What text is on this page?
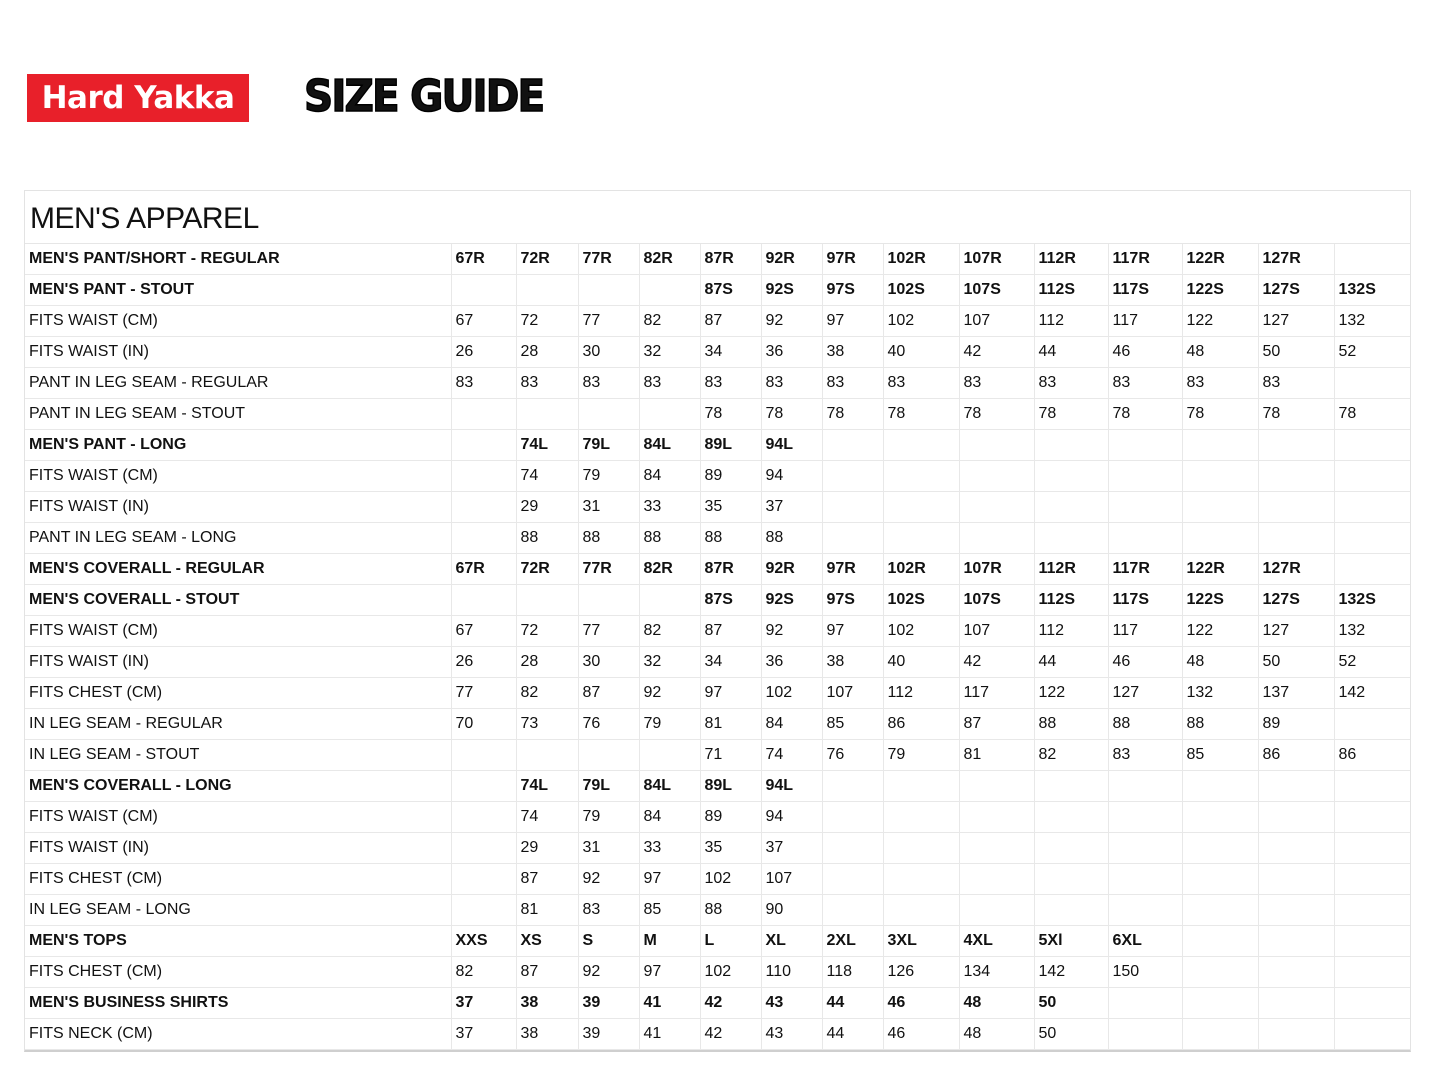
Hard Yakka	SIZE GUIDE
MEN'S APPAREL
MEN'S PANT/SHORT - REGULAR	67R	72R	77R	82R	87R	92R	97R	102R	107R	112R	117R	122R	127R	
MEN'S PANT - STOUT					87S	92S	97S	102S	107S	112S	117S	122S	127S	132S
FITS WAIST (CM)	67	72	77	82	87	92	97	102	107	112	117	122	127	132
FITS WAIST (IN)	26	28	30	32	34	36	38	40	42	44	46	48	50	52
PANT IN LEG SEAM - REGULAR	83	83	83	83	83	83	83	83	83	83	83	83	83	
PANT IN LEG SEAM - STOUT					78	78	78	78	78	78	78	78	78	78
MEN'S PANT - LONG		74L	79L	84L	89L	94L								
FITS WAIST (CM)		74	79	84	89	94								
FITS WAIST (IN)		29	31	33	35	37								
PANT IN LEG SEAM - LONG		88	88	88	88	88								
MEN'S COVERALL - REGULAR	67R	72R	77R	82R	87R	92R	97R	102R	107R	112R	117R	122R	127R	
MEN'S COVERALL - STOUT					87S	92S	97S	102S	107S	112S	117S	122S	127S	132S
FITS WAIST (CM)	67	72	77	82	87	92	97	102	107	112	117	122	127	132
FITS WAIST (IN)	26	28	30	32	34	36	38	40	42	44	46	48	50	52
FITS CHEST (CM)	77	82	87	92	97	102	107	112	117	122	127	132	137	142
IN LEG SEAM - REGULAR	70	73	76	79	81	84	85	86	87	88	88	88	89	
IN LEG SEAM - STOUT					71	74	76	79	81	82	83	85	86	86
MEN'S COVERALL - LONG		74L	79L	84L	89L	94L								
FITS WAIST (CM)		74	79	84	89	94								
FITS WAIST (IN)		29	31	33	35	37								
FITS CHEST (CM)		87	92	97	102	107								
IN LEG SEAM - LONG		81	83	85	88	90								
MEN'S TOPS	XXS	XS	S	M	L	XL	2XL	3XL	4XL	5Xl	6XL			
FITS CHEST (CM)	82	87	92	97	102	110	118	126	134	142	150			
MEN'S BUSINESS SHIRTS	37	38	39	41	42	43	44	46	48	50				
FITS NECK (CM)	37	38	39	41	42	43	44	46	48	50				
